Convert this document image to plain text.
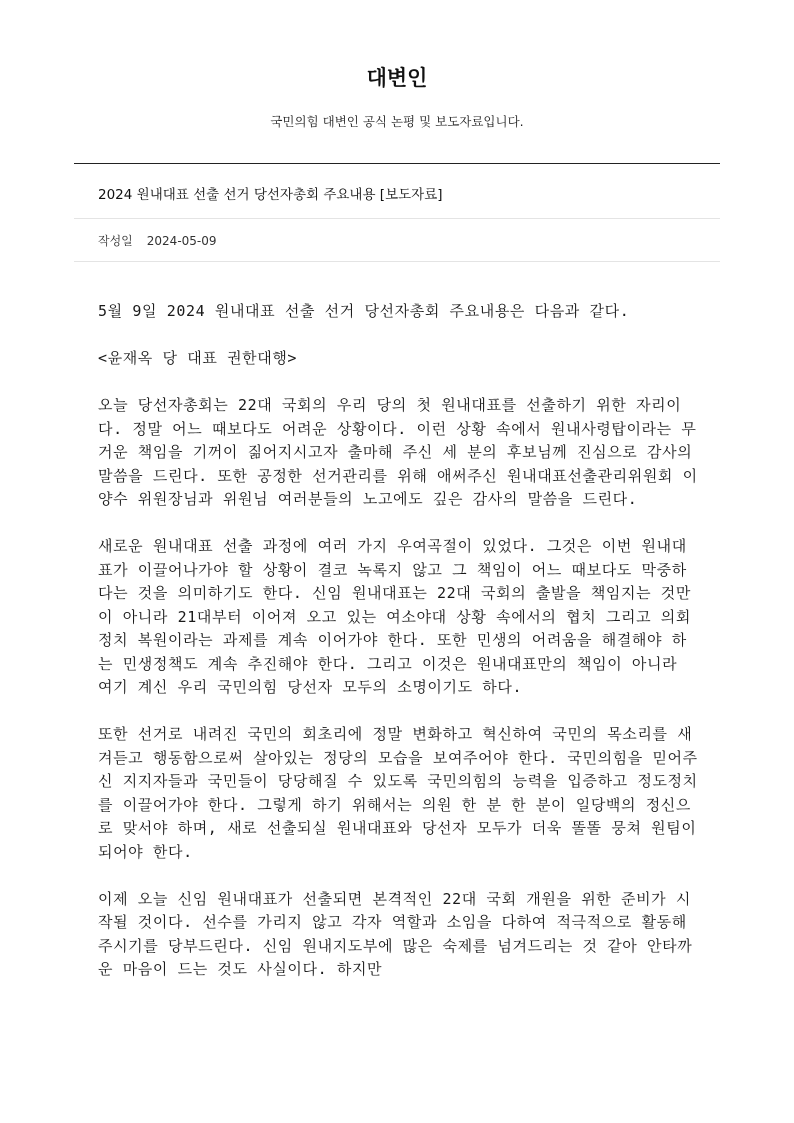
대변인
국민의힘 대변인 공식 논평 및 보도자료입니다.
2024 원내대표 선출 선거 당선자총회 주요내용 [보도자료]
작성일 2024-05-09

5월 9일 2024 원내대표 선출 선거 당선자총회 주요내용은 다음과 같다.

<윤재옥 당 대표 권한대행>

오늘 당선자총회는 22대 국회의 우리 당의 첫 원내대표를 선출하기 위한 자리이다. 정말 어느 때보다도 어려운 상황이다. 이런 상황 속에서 원내사령탑이라는 무거운 책임을 기꺼이 짊어지시고자 출마해 주신 세 분의 후보님께 진심으로 감사의 말씀을 드린다. 또한 공정한 선거관리를 위해 애써주신 원내대표선출관리위원회 이양수 위원장님과 위원님 여러분들의 노고에도 깊은 감사의 말씀을 드린다.

새로운 원내대표 선출 과정에 여러 가지 우여곡절이 있었다. 그것은 이번 원내대표가 이끌어나가야 할 상황이 결코 녹록지 않고 그 책임이 어느 때보다도 막중하다는 것을 의미하기도 한다. 신임 원내대표는 22대 국회의 출발을 책임지는 것만이 아니라 21대부터 이어져 오고 있는 여소야대 상황 속에서의 협치 그리고 의회정치 복원이라는 과제를 계속 이어가야 한다. 또한 민생의 어려움을 해결해야 하는 민생정책도 계속 추진해야 한다. 그리고 이것은 원내대표만의 책임이 아니라 여기 계신 우리 국민의힘 당선자 모두의 소명이기도 하다.

또한 선거로 내려진 국민의 회초리에 정말 변화하고 혁신하여 국민의 목소리를 새겨듣고 행동함으로써 살아있는 정당의 모습을 보여주어야 한다. 국민의힘을 믿어주신 지지자들과 국민들이 당당해질 수 있도록 국민의힘의 능력을 입증하고 정도정치를 이끌어가야 한다. 그렇게 하기 위해서는 의원 한 분 한 분이 일당백의 정신으로 맞서야 하며, 새로 선출되실 원내대표와 당선자 모두가 더욱 똘똘 뭉쳐 원팀이 되어야 한다.

이제 오늘 신임 원내대표가 선출되면 본격적인 22대 국회 개원을 위한 준비가 시작될 것이다. 선수를 가리지 않고 각자 역할과 소임을 다하여 적극적으로 활동해 주시기를 당부드린다. 신임 원내지도부에 많은 숙제를 넘겨드리는 것 같아 안타까운 마음이 드는 것도 사실이다. 하지만
